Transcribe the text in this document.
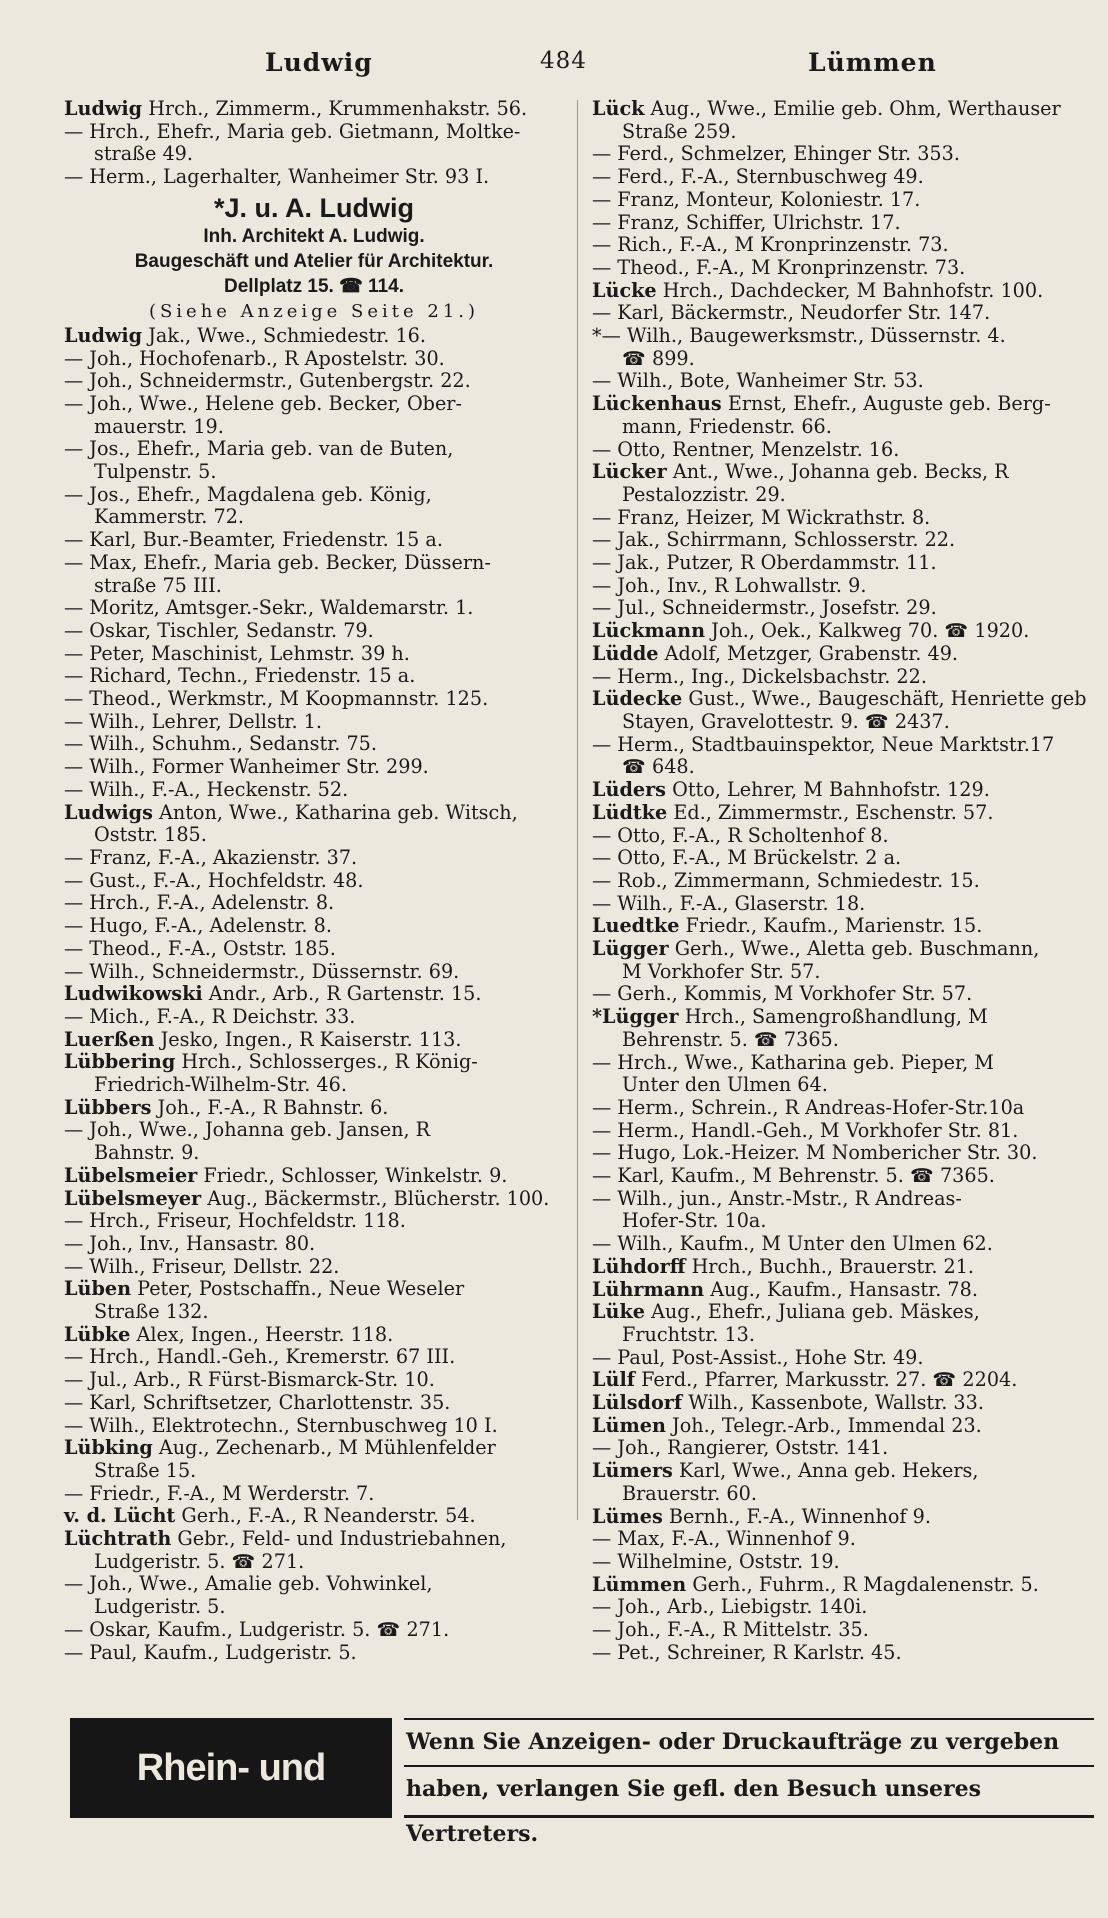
Ludwig	484	Lümmen
Ludwig Hrch., Zimmerm., Krummenhakstr. 56.
— Hrch., Ehefr., Maria geb. Gietmann, Moltke-
straße 49.
— Herm., Lagerhalter, Wanheimer Str. 93 I.
*J. u. A. Ludwig
Inh. Architekt A. Ludwig.
Baugeschäft und Atelier für Architektur.
Dellplatz 15. ☎ 114.
(Siehe Anzeige Seite 21.)
Ludwig Jak., Wwe., Schmiedestr. 16.
— Joh., Hochofenarb., R Apostelstr. 30.
— Joh., Schneidermstr., Gutenbergstr. 22.
— Joh., Wwe., Helene geb. Becker, Ober-
mauerstr. 19.
— Jos., Ehefr., Maria geb. van de Buten,
Tulpenstr. 5.
— Jos., Ehefr., Magdalena geb. König,
Kammerstr. 72.
— Karl, Bur.-Beamter, Friedenstr. 15 a.
— Max, Ehefr., Maria geb. Becker, Düssern-
straße 75 III.
— Moritz, Amtsger.-Sekr., Waldemarstr. 1.
— Oskar, Tischler, Sedanstr. 79.
— Peter, Maschinist, Lehmstr. 39 h.
— Richard, Techn., Friedenstr. 15 a.
— Theod., Werkmstr., M Koopmannstr. 125.
— Wilh., Lehrer, Dellstr. 1.
— Wilh., Schuhm., Sedanstr. 75.
— Wilh., Former Wanheimer Str. 299.
— Wilh., F.-A., Heckenstr. 52.
Ludwigs Anton, Wwe., Katharina geb. Witsch,
Oststr. 185.
— Franz, F.-A., Akazienstr. 37.
— Gust., F.-A., Hochfeldstr. 48.
— Hrch., F.-A., Adelenstr. 8.
— Hugo, F.-A., Adelenstr. 8.
— Theod., F.-A., Oststr. 185.
— Wilh., Schneidermstr., Düssernstr. 69.
Ludwikowski Andr., Arb., R Gartenstr. 15.
— Mich., F.-A., R Deichstr. 33.
Luerßen Jesko, Ingen., R Kaiserstr. 113.
Lübbering Hrch., Schlosserges., R König-
Friedrich-Wilhelm-Str. 46.
Lübbers Joh., F.-A., R Bahnstr. 6.
— Joh., Wwe., Johanna geb. Jansen, R
Bahnstr. 9.
Lübelsmeier Friedr., Schlosser, Winkelstr. 9.
Lübelsmeyer Aug., Bäckermstr., Blücherstr. 100.
— Hrch., Friseur, Hochfeldstr. 118.
— Joh., Inv., Hansastr. 80.
— Wilh., Friseur, Dellstr. 22.
Lüben Peter, Postschaffn., Neue Weseler
Straße 132.
Lübke Alex, Ingen., Heerstr. 118.
— Hrch., Handl.-Geh., Kremerstr. 67 III.
— Jul., Arb., R Fürst-Bismarck-Str. 10.
— Karl, Schriftsetzer, Charlottenstr. 35.
— Wilh., Elektrotechn., Sternbuschweg 10 I.
Lübking Aug., Zechenarb., M Mühlenfelder
Straße 15.
— Friedr., F.-A., M Werderstr. 7.
v. d. Lücht Gerh., F.-A., R Neanderstr. 54.
Lüchtrath Gebr., Feld- und Industriebahnen,
Ludgeristr. 5. ☎ 271.
— Joh., Wwe., Amalie geb. Vohwinkel,
Ludgeristr. 5.
— Oskar, Kaufm., Ludgeristr. 5. ☎ 271.
— Paul, Kaufm., Ludgeristr. 5.
Lück Aug., Wwe., Emilie geb. Ohm, Werthauser
Straße 259.
— Ferd., Schmelzer, Ehinger Str. 353.
— Ferd., F.-A., Sternbuschweg 49.
— Franz, Monteur, Koloniestr. 17.
— Franz, Schiffer, Ulrichstr. 17.
— Rich., F.-A., M Kronprinzenstr. 73.
— Theod., F.-A., M Kronprinzenstr. 73.
Lücke Hrch., Dachdecker, M Bahnhofstr. 100.
— Karl, Bäckermstr., Neudorfer Str. 147.
*— Wilh., Baugewerksmstr., Düssernstr. 4.
☎ 899.
— Wilh., Bote, Wanheimer Str. 53.
Lückenhaus Ernst, Ehefr., Auguste geb. Berg-
mann, Friedenstr. 66.
— Otto, Rentner, Menzelstr. 16.
Lücker Ant., Wwe., Johanna geb. Becks, R
Pestalozzistr. 29.
— Franz, Heizer, M Wickrathstr. 8.
— Jak., Schirrmann, Schlosserstr. 22.
— Jak., Putzer, R Oberdammstr. 11.
— Joh., Inv., R Lohwallstr. 9.
— Jul., Schneidermstr., Josefstr. 29.
Lückmann Joh., Oek., Kalkweg 70. ☎ 1920.
Lüdde Adolf, Metzger, Grabenstr. 49.
— Herm., Ing., Dickelsbachstr. 22.
Lüdecke Gust., Wwe., Baugeschäft, Henriette geb
Stayen, Gravelottestr. 9. ☎ 2437.
— Herm., Stadtbauinspektor, Neue Marktstr.17
☎ 648.
Lüders Otto, Lehrer, M Bahnhofstr. 129.
Lüdtke Ed., Zimmermstr., Eschenstr. 57.
— Otto, F.-A., R Scholtenhof 8.
— Otto, F.-A., M Brückelstr. 2 a.
— Rob., Zimmermann, Schmiedestr. 15.
— Wilh., F.-A., Glaserstr. 18.
Luedtke Friedr., Kaufm., Marienstr. 15.
Lügger Gerh., Wwe., Aletta geb. Buschmann,
M Vorkhofer Str. 57.
— Gerh., Kommis, M Vorkhofer Str. 57.
*Lügger Hrch., Samengroßhandlung, M
Behrenstr. 5. ☎ 7365.
— Hrch., Wwe., Katharina geb. Pieper, M
Unter den Ulmen 64.
— Herm., Schrein., R Andreas-Hofer-Str.10a
— Herm., Handl.-Geh., M Vorkhofer Str. 81.
— Hugo, Lok.-Heizer. M Nombericher Str. 30.
— Karl, Kaufm., M Behrenstr. 5. ☎ 7365.
— Wilh., jun., Anstr.-Mstr., R Andreas-
Hofer-Str. 10a.
— Wilh., Kaufm., M Unter den Ulmen 62.
Lühdorff Hrch., Buchh., Brauerstr. 21.
Lührmann Aug., Kaufm., Hansastr. 78.
Lüke Aug., Ehefr., Juliana geb. Mäskes,
Fruchtstr. 13.
— Paul, Post-Assist., Hohe Str. 49.
Lülf Ferd., Pfarrer, Markusstr. 27. ☎ 2204.
Lülsdorf Wilh., Kassenbote, Wallstr. 33.
Lümen Joh., Telegr.-Arb., Immendal 23.
— Joh., Rangierer, Oststr. 141.
Lümers Karl, Wwe., Anna geb. Hekers,
Brauerstr. 60.
Lümes Bernh., F.-A., Winnenhof 9.
— Max, F.-A., Winnenhof 9.
— Wilhelmine, Oststr. 19.
Lümmen Gerh., Fuhrm., R Magdalenenstr. 5.
— Joh., Arb., Liebigstr. 140i.
— Joh., F.-A., R Mittelstr. 35.
— Pet., Schreiner, R Karlstr. 45.
Rhein- und Ruhrzeitung
Wenn Sie Anzeigen- oder Druckaufträge zu vergeben
haben, verlangen Sie gefl. den Besuch unseres Vertreters.
